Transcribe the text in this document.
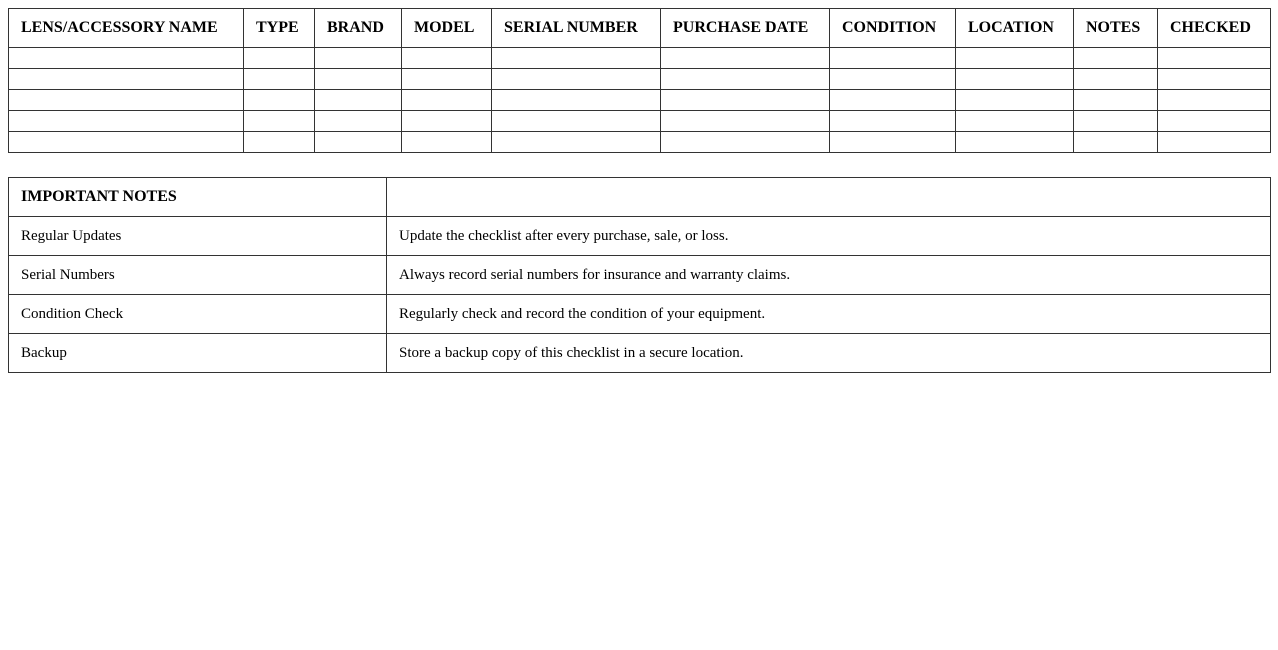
LENS/ACCESSORY NAME	TYPE	BRAND	MODEL	SERIAL NUMBER	PURCHASE DATE	CONDITION	LOCATION	NOTES	CHECKED

IMPORTANT NOTES	
Regular Updates	Update the checklist after every purchase, sale, or loss.
Serial Numbers	Always record serial numbers for insurance and warranty claims.
Condition Check	Regularly check and record the condition of your equipment.
Backup	Store a backup copy of this checklist in a secure location.
